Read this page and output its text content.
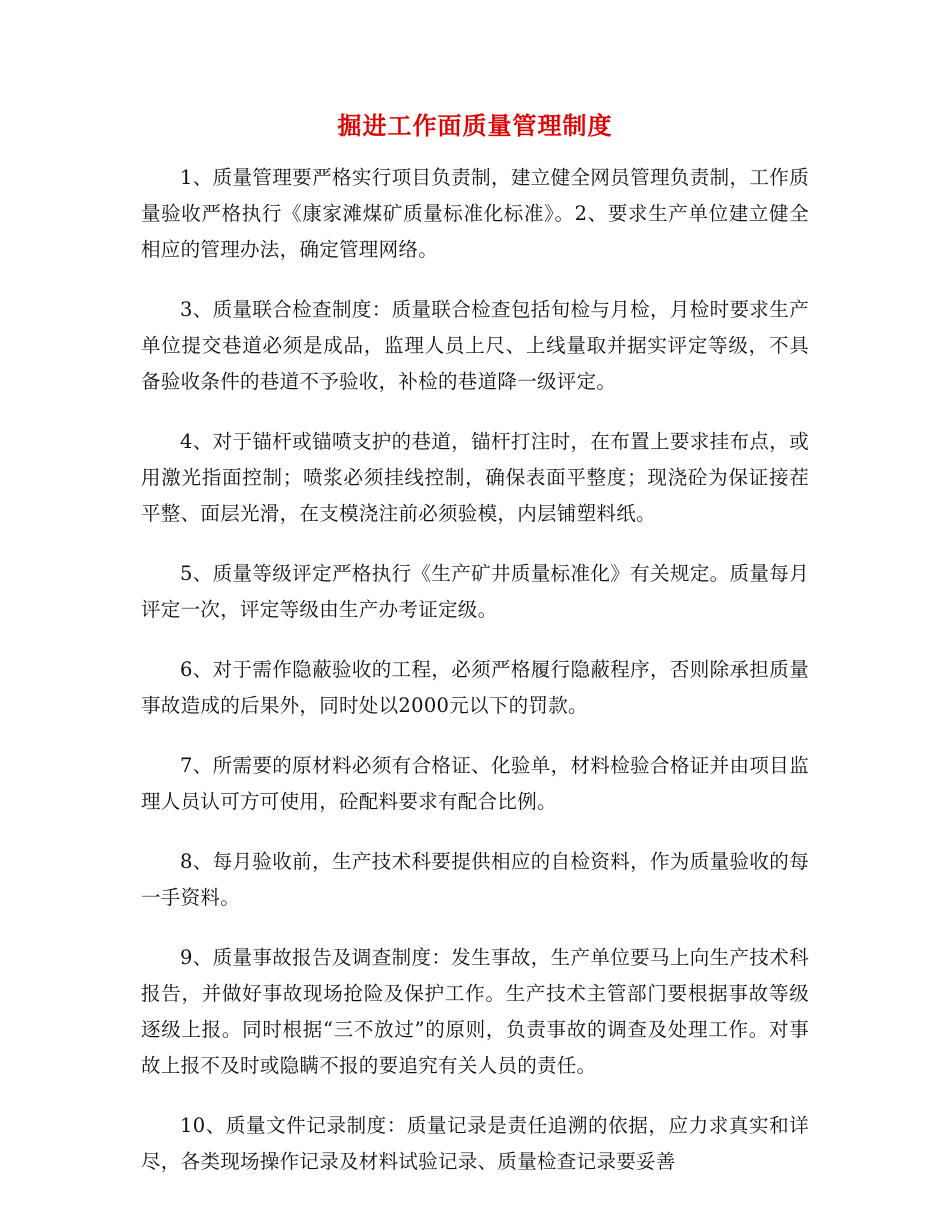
掘进工作面质量管理制度

1、质量管理要严格实行项目负责制，建立健全网员管理负责制，工作质量验收严格执行《康家滩煤矿质量标准化标准》。2、要求生产单位建立健全相应的管理办法，确定管理网络。

3、质量联合检查制度：质量联合检查包括旬检与月检，月检时要求生产单位提交巷道必须是成品，监理人员上尺、上线量取并据实评定等级，不具备验收条件的巷道不予验收，补检的巷道降一级评定。

4、对于锚杆或锚喷支护的巷道，锚杆打注时，在布置上要求挂布点，或用激光指面控制；喷浆必须挂线控制，确保表面平整度；现浇砼为保证接茬平整、面层光滑，在支模浇注前必须验模，内层铺塑料纸。

5、质量等级评定严格执行《生产矿井质量标准化》有关规定。质量每月评定一次，评定等级由生产办考证定级。

6、对于需作隐蔽验收的工程，必须严格履行隐蔽程序，否则除承担质量事故造成的后果外，同时处以2000元以下的罚款。

7、所需要的原材料必须有合格证、化验单，材料检验合格证并由项目监理人员认可方可使用，砼配料要求有配合比例。

8、每月验收前，生产技术科要提供相应的自检资料，作为质量验收的每一手资料。

9、质量事故报告及调查制度：发生事故，生产单位要马上向生产技术科报告，并做好事故现场抢险及保护工作。生产技术主管部门要根据事故等级逐级上报。同时根据“三不放过”的原则，负责事故的调查及处理工作。对事故上报不及时或隐瞒不报的要追究有关人员的责任。

10、质量文件记录制度：质量记录是责任追溯的依据，应力求真实和详尽，各类现场操作记录及材料试验记录、质量检查记录要妥善
